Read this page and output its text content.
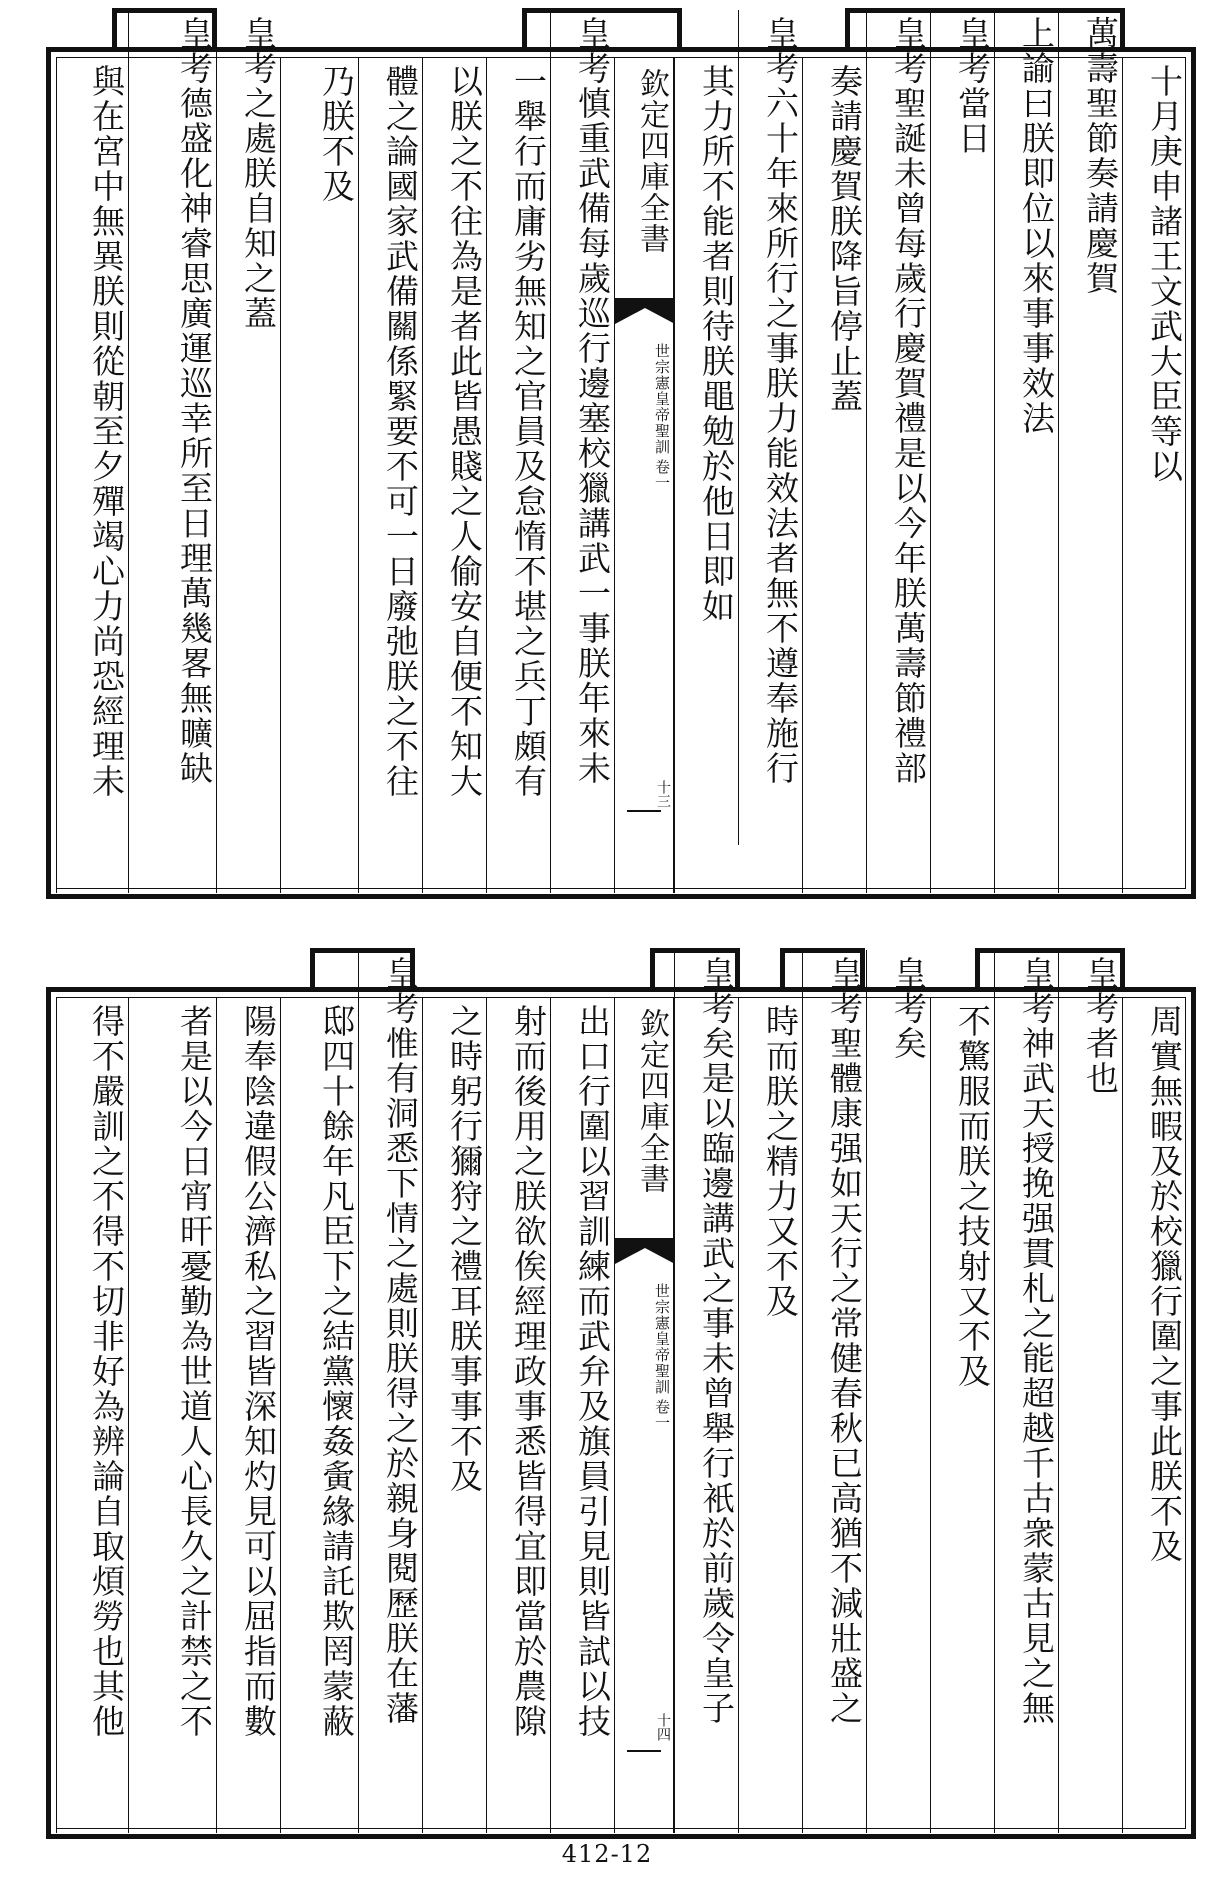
十月庚申諸王文武大臣等以
萬壽聖節奏請慶賀
上諭曰朕即位以來事事效法
皇考當日
皇考聖誕未曾每歲行慶賀禮是以今年朕萬壽節禮部
奏請慶賀朕降旨停止蓋
皇考六十年來所行之事朕力能效法者無不遵奉施行
其力所不能者則待朕黽勉於他日即如
欽定四庫全書
世宗憲皇帝聖訓
卷一
十三
皇考慎重武備每歲巡行邊塞校獵講武一事朕年來未
一舉行而庸劣無知之官員及怠惰不堪之兵丁頗有
以朕之不往為是者此皆愚賤之人偷安自便不知大
體之論國家武備關係緊要不可一日廢弛朕之不往
乃朕不及
皇考之處朕自知之蓋
皇考德盛化神睿思廣運巡幸所至日理萬幾畧無曠缺
與在宮中無異朕則從朝至夕殫竭心力尚恐經理未
周實無暇及於校獵行圍之事此朕不及
皇考者也
皇考神武天授挽强貫札之能超越千古衆蒙古見之無
不驚服而朕之技射又不及
皇考矣
皇考聖體康强如天行之常健春秋已高猶不減壯盛之
時而朕之精力又不及
皇考矣是以臨邊講武之事未曾舉行衹於前歲令皇子
欽定四庫全書
世宗憲皇帝聖訓
卷一
十四
出口行圍以習訓練而武弁及旗員引見則皆試以技
射而後用之朕欲俟經理政事悉皆得宜即當於農隙
之時躬行獮狩之禮耳朕事事不及
皇考惟有洞悉下情之處則朕得之於親身閱歷朕在藩
邸四十餘年凡臣下之結黨懷姦夤緣請託欺罔蒙蔽
陽奉陰違假公濟私之習皆深知灼見可以屈指而數
者是以今日宵旰憂勤為世道人心長久之計禁之不
得不嚴訓之不得不切非好為辨論自取煩勞也其他
412-12
